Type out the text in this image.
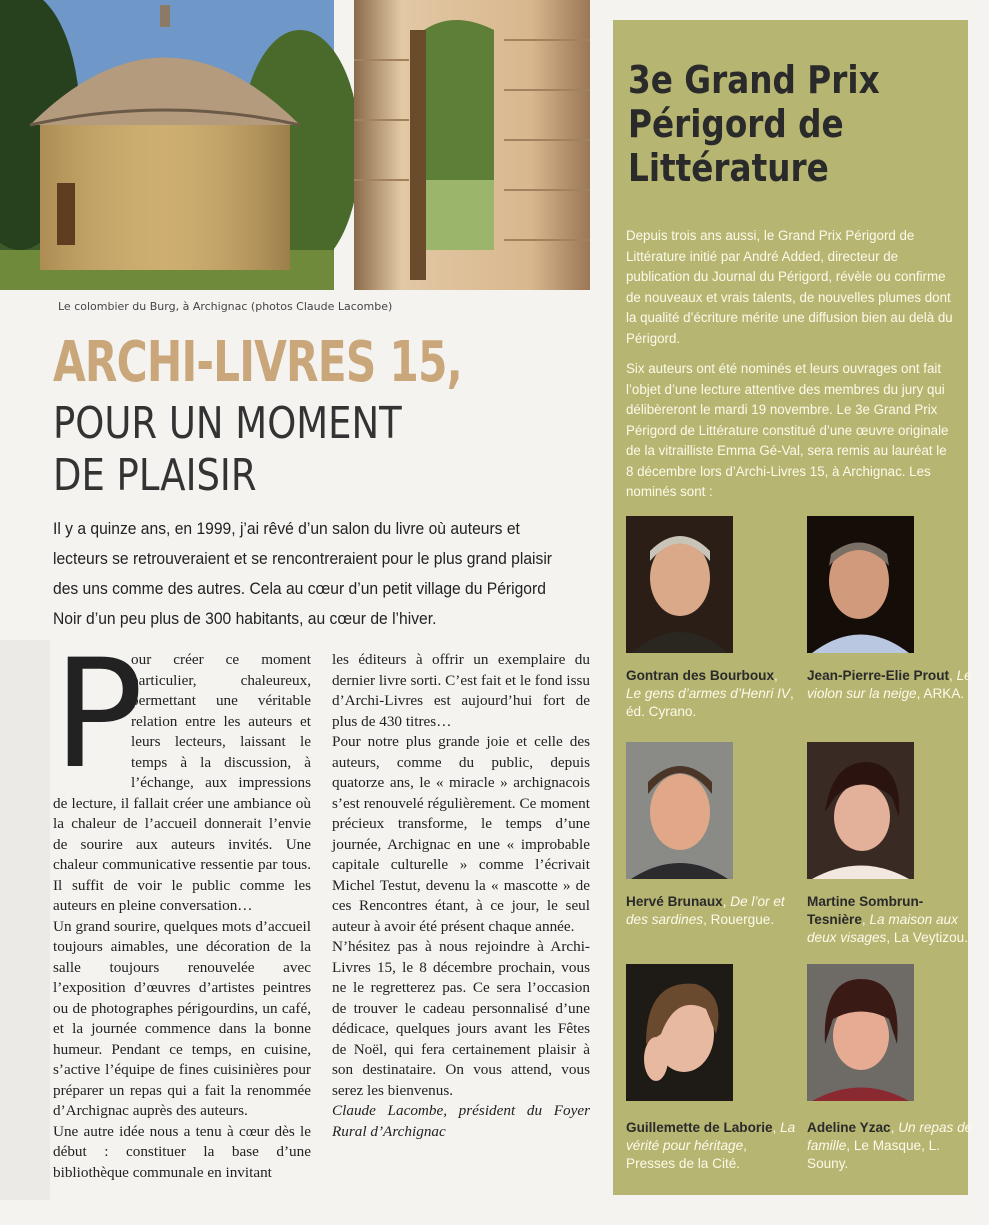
Le colombier du Burg, à Archignac (photos Claude Lacombe)
ARCHI-LIVRES 15,
POUR UN MOMENT
DE PLAISIR
Il y a quinze ans, en 1999, j’ai rêvé d’un salon du livre où auteurs et lecteurs se retrouveraient et se rencontreraient pour le plus grand plaisir des uns comme des autres. Cela au cœur d’un petit village du Périgord Noir d’un peu plus de 300 habitants, au cœur de l’hiver.
P

our créer ce moment particulier, chaleureux, permettant une véritable relation entre les auteurs et leurs lecteurs, laissant le temps à la discussion, à l’échange, aux impressions de lecture, il fallait créer une ambiance où la chaleur de l’accueil donnerait l’envie de sourire aux auteurs invités. Une chaleur communicative ressentie par tous. Il suffit de voir le public comme les auteurs en pleine conversation…

Un grand sourire, quelques mots d’accueil toujours aimables, une décoration de la salle toujours renouvelée avec l’exposition d’œuvres d’artistes peintres ou de photographes périgourdins, un café, et la journée commence dans la bonne humeur. Pendant ce temps, en cuisine, s’active l’équipe de fines cuisinières pour préparer un repas qui a fait la renommée d’Archignac auprès des auteurs.

Une autre idée nous a tenu à cœur dès le début : constituer la base d’une bibliothèque communale en invitant

les éditeurs à offrir un exemplaire du dernier livre sorti. C’est fait et le fond issu d’Archi-Livres est aujourd’hui fort de plus de 430 titres…

Pour notre plus grande joie et celle des auteurs, comme du public, depuis quatorze ans, le « miracle » archignacois s’est renouvelé régulièrement. Ce moment précieux transforme, le temps d’une journée, Archignac en une « improbable capitale culturelle » comme l’écrivait Michel Testut, devenu la « mascotte » de ces Rencontres étant, à ce jour, le seul auteur à avoir été présent chaque année.

N’hésitez pas à nous rejoindre à Archi-Livres 15, le 8 décembre prochain, vous ne le regretterez pas. Ce sera l’occasion de trouver le cadeau personnalisé d’une dédicace, quelques jours avant les Fêtes de Noël, qui fera certainement plaisir à son destinataire. On vous attend, vous serez les bienvenus.

Claude Lacombe, président du Foyer Rural d’Archignac

3e Grand Prix
Périgord de
Littérature

Depuis trois ans aussi, le Grand Prix Périgord de Littérature initié par André Added, directeur de publication du Journal du Périgord, révèle ou confirme de nouveaux et vrais talents, de nouvelles plumes dont la qualité d’écriture mérite une diffusion bien au delà du Périgord.

Six auteurs ont été nominés et leurs ouvrages ont fait l’objet d’une lecture attentive des membres du jury qui délibèreront le mardi 19 novembre. Le 3e Grand Prix Périgord de Littérature constitué d’une œuvre originale de la vitrailliste Emma Gé-Val, sera remis au lauréat le 8 décembre lors d’Archi-Livres 15, à Archignac. Les nominés sont :

Gontran des Bourboux, Le gens d’armes d’Henri IV, éd. Cyrano.
Jean-Pierre-Elie Prout, Le violon sur la neige, ARKA.
Hervé Brunaux, De l’or et des sardines, Rouergue.
Martine Sombrun-Tesnière, La maison aux deux visages, La Veytizou.
Guillemette de Laborie, La vérité pour héritage, Presses de la Cité.
Adeline Yzac, Un repas de famille, Le Masque, L. Souny.
